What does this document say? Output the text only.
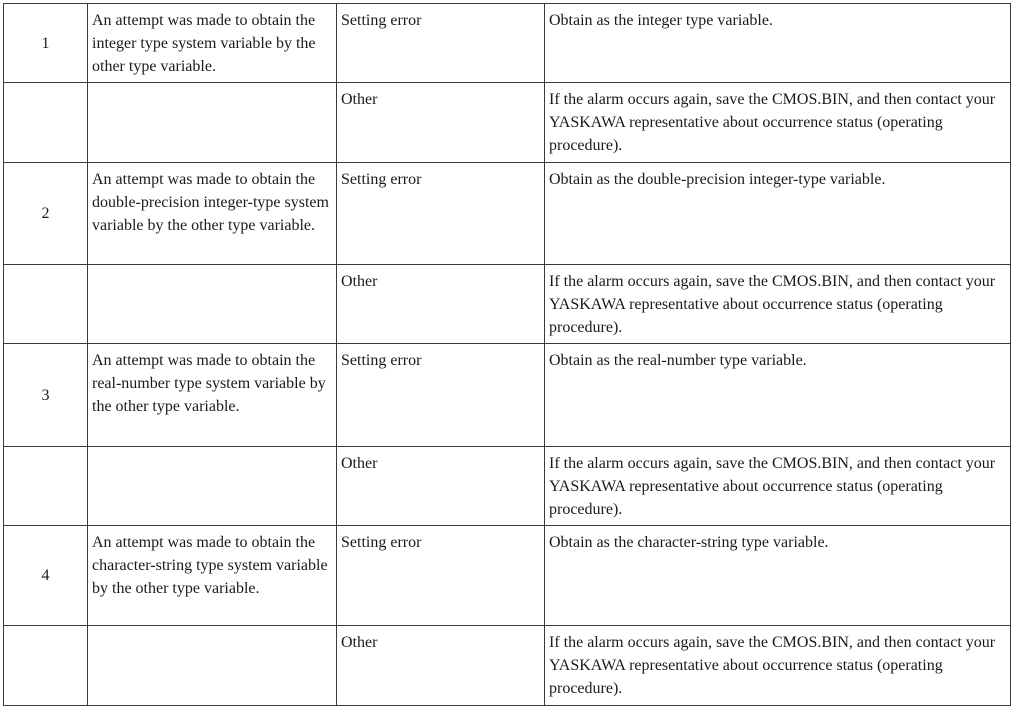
1	An attempt was made to obtain the integer type system variable by the other type variable.	Setting error	Obtain as the integer type variable.
		Other	If the alarm occurs again, save the CMOS.BIN, and then contact your YASKAWA representative about occurrence status (operating procedure).
2	An attempt was made to obtain the double-precision integer-type system variable by the other type variable.	Setting error	Obtain as the double-precision integer-type variable.
		Other	If the alarm occurs again, save the CMOS.BIN, and then contact your YASKAWA representative about occurrence status (operating procedure).
3	An attempt was made to obtain the real-number type system variable by the other type variable.	Setting error	Obtain as the real-number type variable.
		Other	If the alarm occurs again, save the CMOS.BIN, and then contact your YASKAWA representative about occurrence status (operating procedure).
4	An attempt was made to obtain the character-string type system variable by the other type variable.	Setting error	Obtain as the character-string type variable.
		Other	If the alarm occurs again, save the CMOS.BIN, and then contact your YASKAWA representative about occurrence status (operating procedure).
